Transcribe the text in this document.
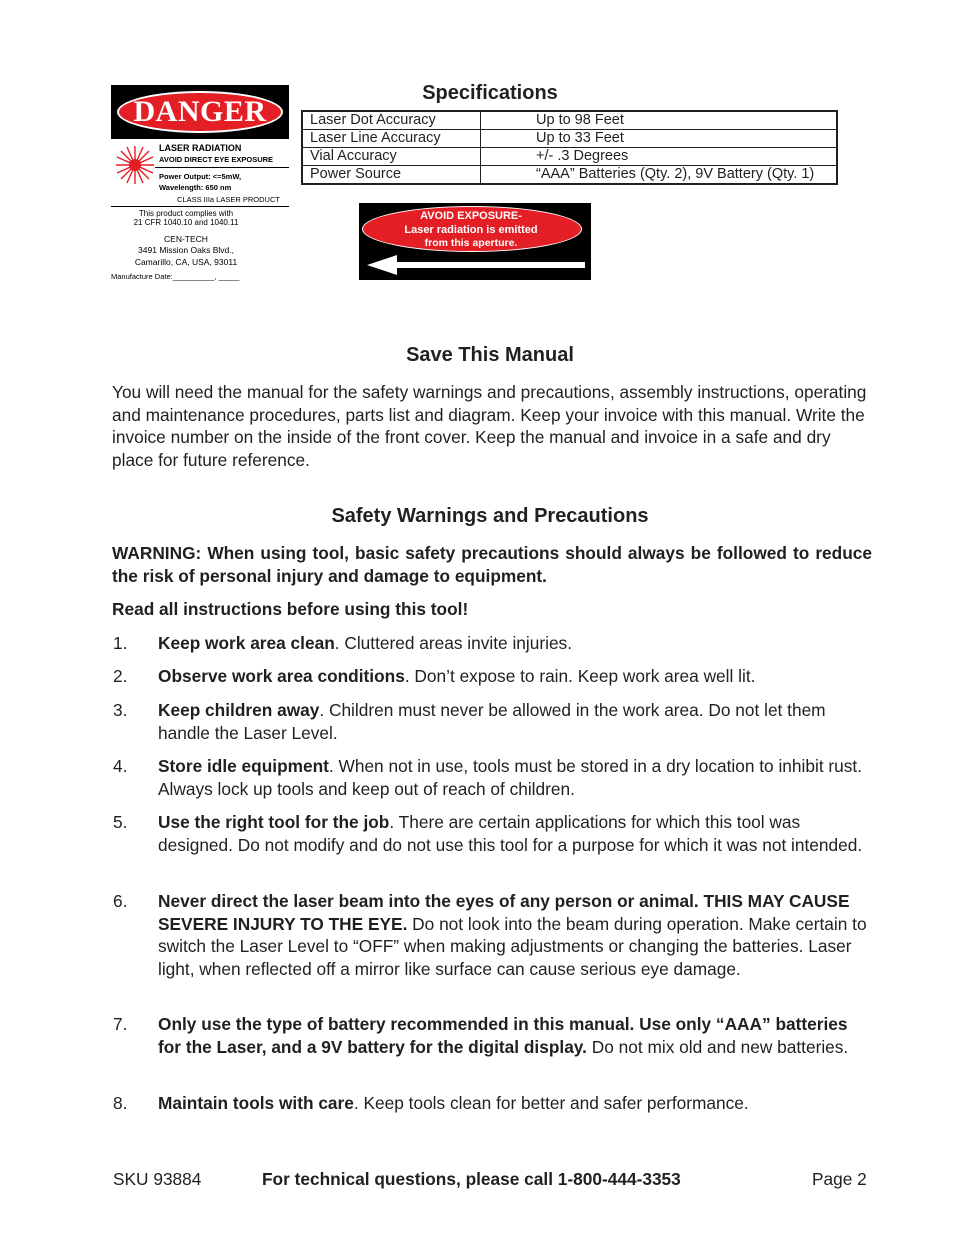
DANGER
LASER RADIATION
AVOID DIRECT EYE EXPOSURE
Power Output: <=5mW,
Wavelength: 650 nm
CLASS IIIa LASER PRODUCT
This product complies with
21 CFR 1040.10 and 1040.11
CEN-TECH
3491 Mission Oaks Blvd.,
Camarillo, CA, USA, 93011
Manufacture Date:__________, _____
Specifications
Laser Dot Accuracy	Up to 98 Feet
Laser Line Accuracy	Up to 33 Feet
Vial Accuracy	+/- .3 Degrees
Power Source	“AAA” Batteries (Qty. 2), 9V Battery (Qty. 1)
AVOID EXPOSURE-
Laser radiation is emitted
from this aperture.
Save This Manual
You will need the manual for the safety warnings and precautions, assembly instructions, operating and maintenance procedures, parts list and diagram. Keep your invoice with this manual. Write the invoice number on the inside of the front cover. Keep the manual and invoice in a safe and dry place for future reference.
Safety Warnings and Precautions
WARNING: When using tool, basic safety precautions should always be followed to reduce the risk of personal injury and damage to equipment.
Read all instructions before using this tool!
1. Keep work area clean. Cluttered areas invite injuries.
2. Observe work area conditions. Don’t expose to rain. Keep work area well lit.
3. Keep children away. Children must never be allowed in the work area. Do not let them handle the Laser Level.
4. Store idle equipment. When not in use, tools must be stored in a dry location to inhibit rust. Always lock up tools and keep out of reach of children.
5. Use the right tool for the job. There are certain applications for which this tool was designed. Do not modify and do not use this tool for a purpose for which it was not intended.
6. Never direct the laser beam into the eyes of any person or animal. THIS MAY CAUSE SEVERE INJURY TO THE EYE. Do not look into the beam during operation. Make certain to switch the Laser Level to “OFF” when making adjustments or changing the batteries. Laser light, when reflected off a mirror like surface can cause serious eye damage.
7. Only use the type of battery recommended in this manual. Use only “AAA” batteries for the Laser, and a 9V battery for the digital display. Do not mix old and new batteries.
8. Maintain tools with care. Keep tools clean for better and safer performance.
SKU 93884	For technical questions, please call 1-800-444-3353	Page 2
